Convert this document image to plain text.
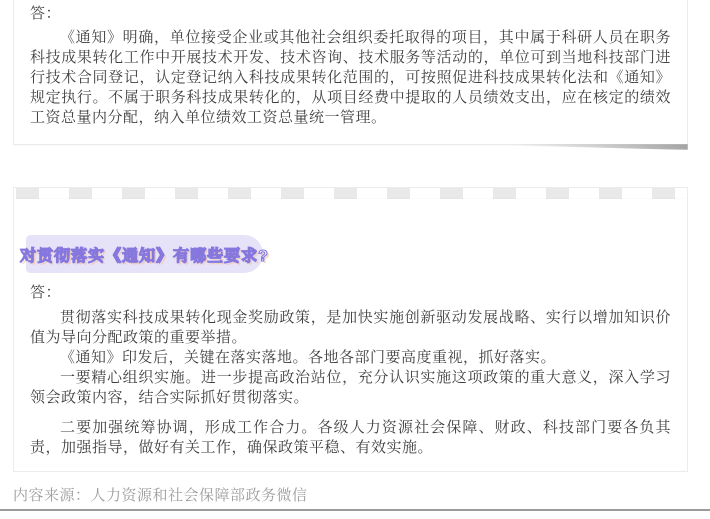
答：

《通知》明确，单位接受企业或其他社会组织委托取得的项目，其中属于科研人员在职务科技成果转化工作中开展技术开发、技术咨询、技术服务等活动的，单位可到当地科技部门进行技术合同登记，认定登记纳入科技成果转化范围的，可按照促进科技成果转化法和《通知》规定执行。不属于职务科技成果转化的，从项目经费中提取的人员绩效支出，应在核定的绩效工资总量内分配，纳入单位绩效工资总量统一管理。

对贯彻落实《通知》有哪些要求?

答：

贯彻落实科技成果转化现金奖励政策，是加快实施创新驱动发展战略、实行以增加知识价值为导向分配政策的重要举措。

《通知》印发后，关键在落实落地。各地各部门要高度重视，抓好落实。

一要精心组织实施。进一步提高政治站位，充分认识实施这项政策的重大意义，深入学习领会政策内容，结合实际抓好贯彻落实。

二要加强统筹协调，形成工作合力。各级人力资源社会保障、财政、科技部门要各负其责，加强指导，做好有关工作，确保政策平稳、有效实施。

内容来源：人力资源和社会保障部政务微信
